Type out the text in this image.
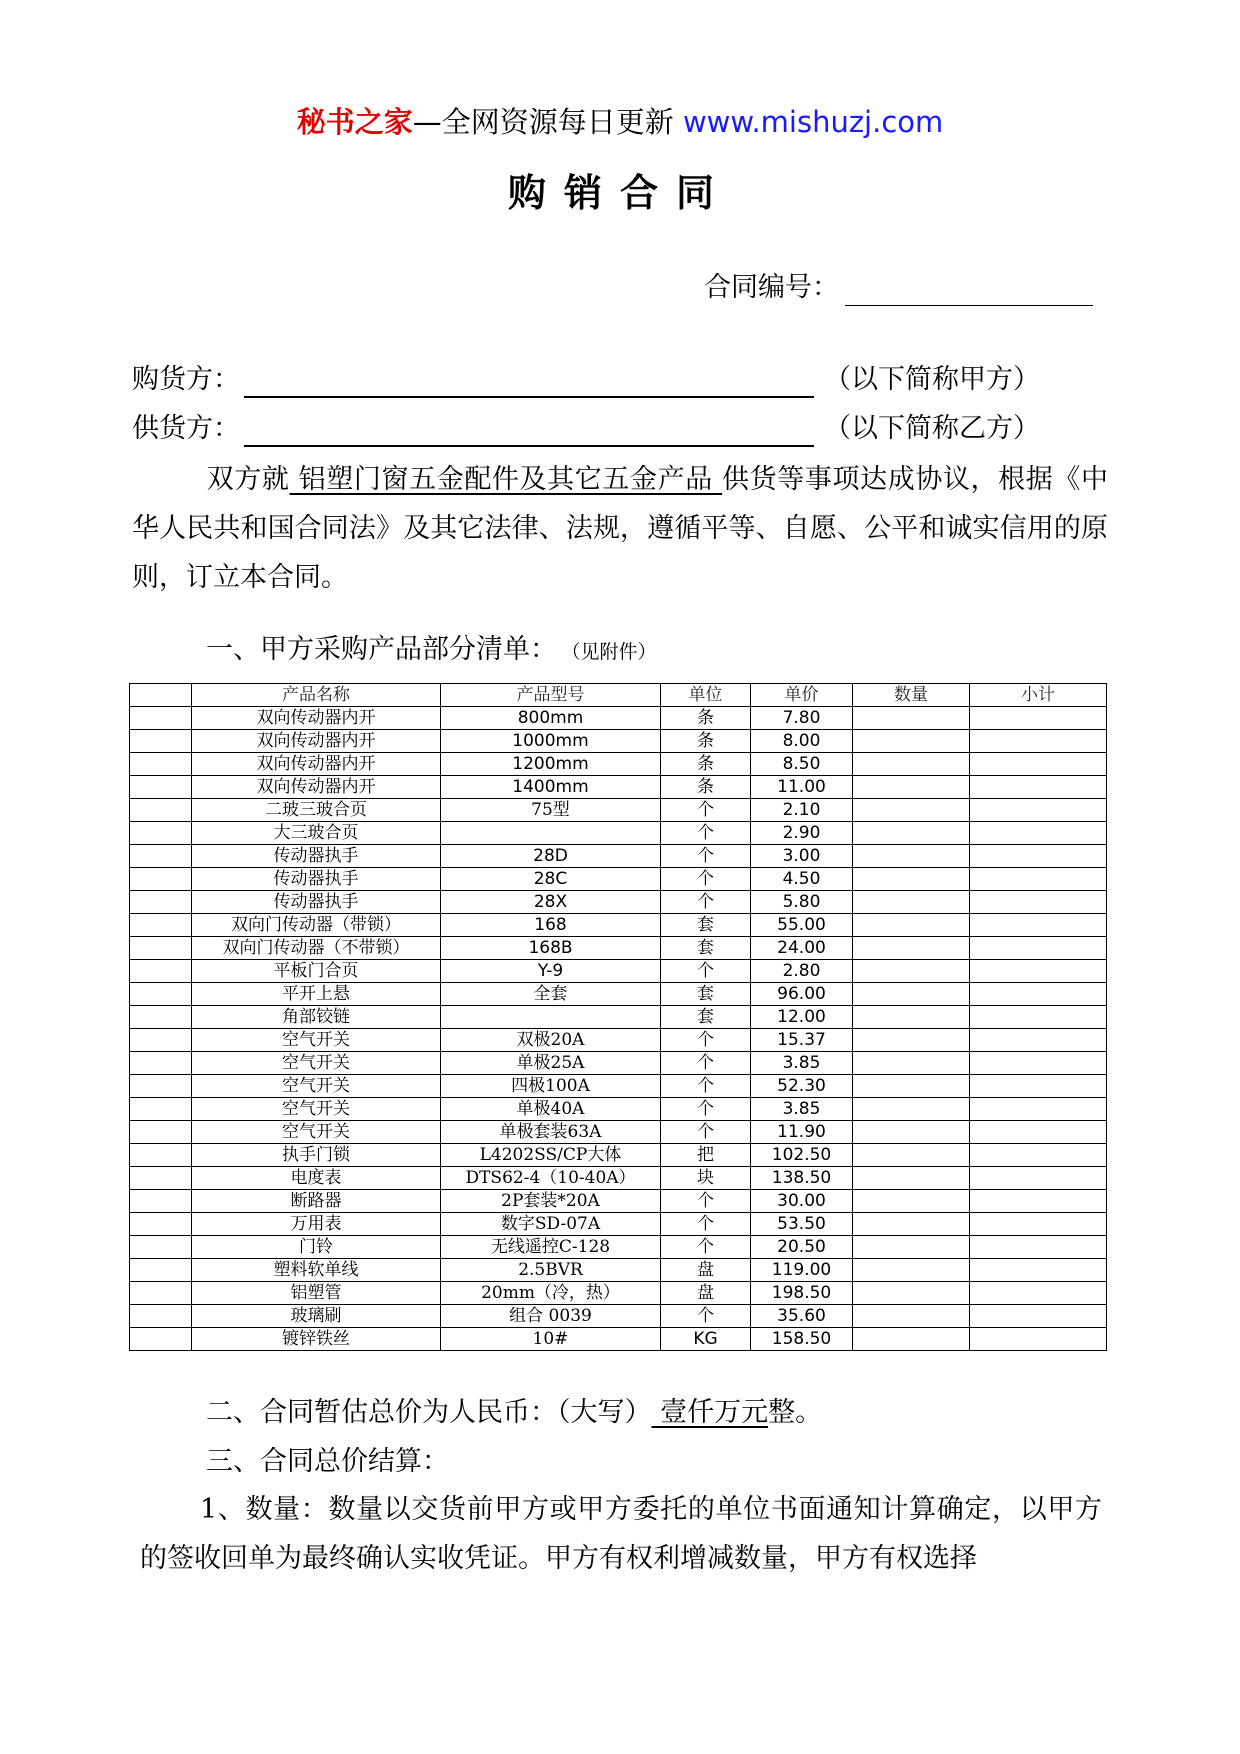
秘书之家—全网资源每日更新 www.mishuzj.com
购销合同
合同编号：
购货方：	（以下简称甲方）
供货方：	（以下简称乙方）
双方就 铝塑门窗五金配件及其它五金产品 供货等事项达成协议，根据《中华人民共和国合同法》及其它法律、法规，遵循平等、自愿、公平和诚实信用的原则，订立本合同。
一、甲方采购产品部分清单： （见附件）
	产品名称	产品型号	单位	单价	数量	小计
	双向传动器内开	800mm	条	7.80		
	双向传动器内开	1000mm	条	8.00		
	双向传动器内开	1200mm	条	8.50		
	双向传动器内开	1400mm	条	11.00		
	二玻三玻合页	75型	个	2.10		
	大三玻合页		个	2.90		
	传动器执手	28D	个	3.00		
	传动器执手	28C	个	4.50		
	传动器执手	28X	个	5.80		
	双向门传动器（带锁）	168	套	55.00		
	双向门传动器（不带锁）	168B	套	24.00		
	平板门合页	Y-9	个	2.80		
	平开上悬	全套	套	96.00		
	角部铰链		套	12.00		
	空气开关	双极20A	个	15.37		
	空气开关	单极25A	个	3.85		
	空气开关	四极100A	个	52.30		
	空气开关	单极40A	个	3.85		
	空气开关	单极套装63A	个	11.90		
	执手门锁	L4202SS/CP大体	把	102.50		
	电度表	DTS62-4（10-40A）	块	138.50		
	断路器	2P套装*20A	个	30.00		
	万用表	数字SD-07A	个	53.50		
	门铃	无线遥控C-128	个	20.50		
	塑料软单线	2.5BVR	盘	119.00		
	铝塑管	20mm（冷，热）	盘	198.50		
	玻璃刷	组合 0039	个	35.60		
	镀锌铁丝	10#	KG	158.50		
二、合同暂估总价为人民币：（大写） 壹仟万元整。
三、合同总价结算：
1、数量：数量以交货前甲方或甲方委托的单位书面通知计算确定，以甲方的签收回单为最终确认实收凭证。甲方有权利增减数量，甲方有权选择
